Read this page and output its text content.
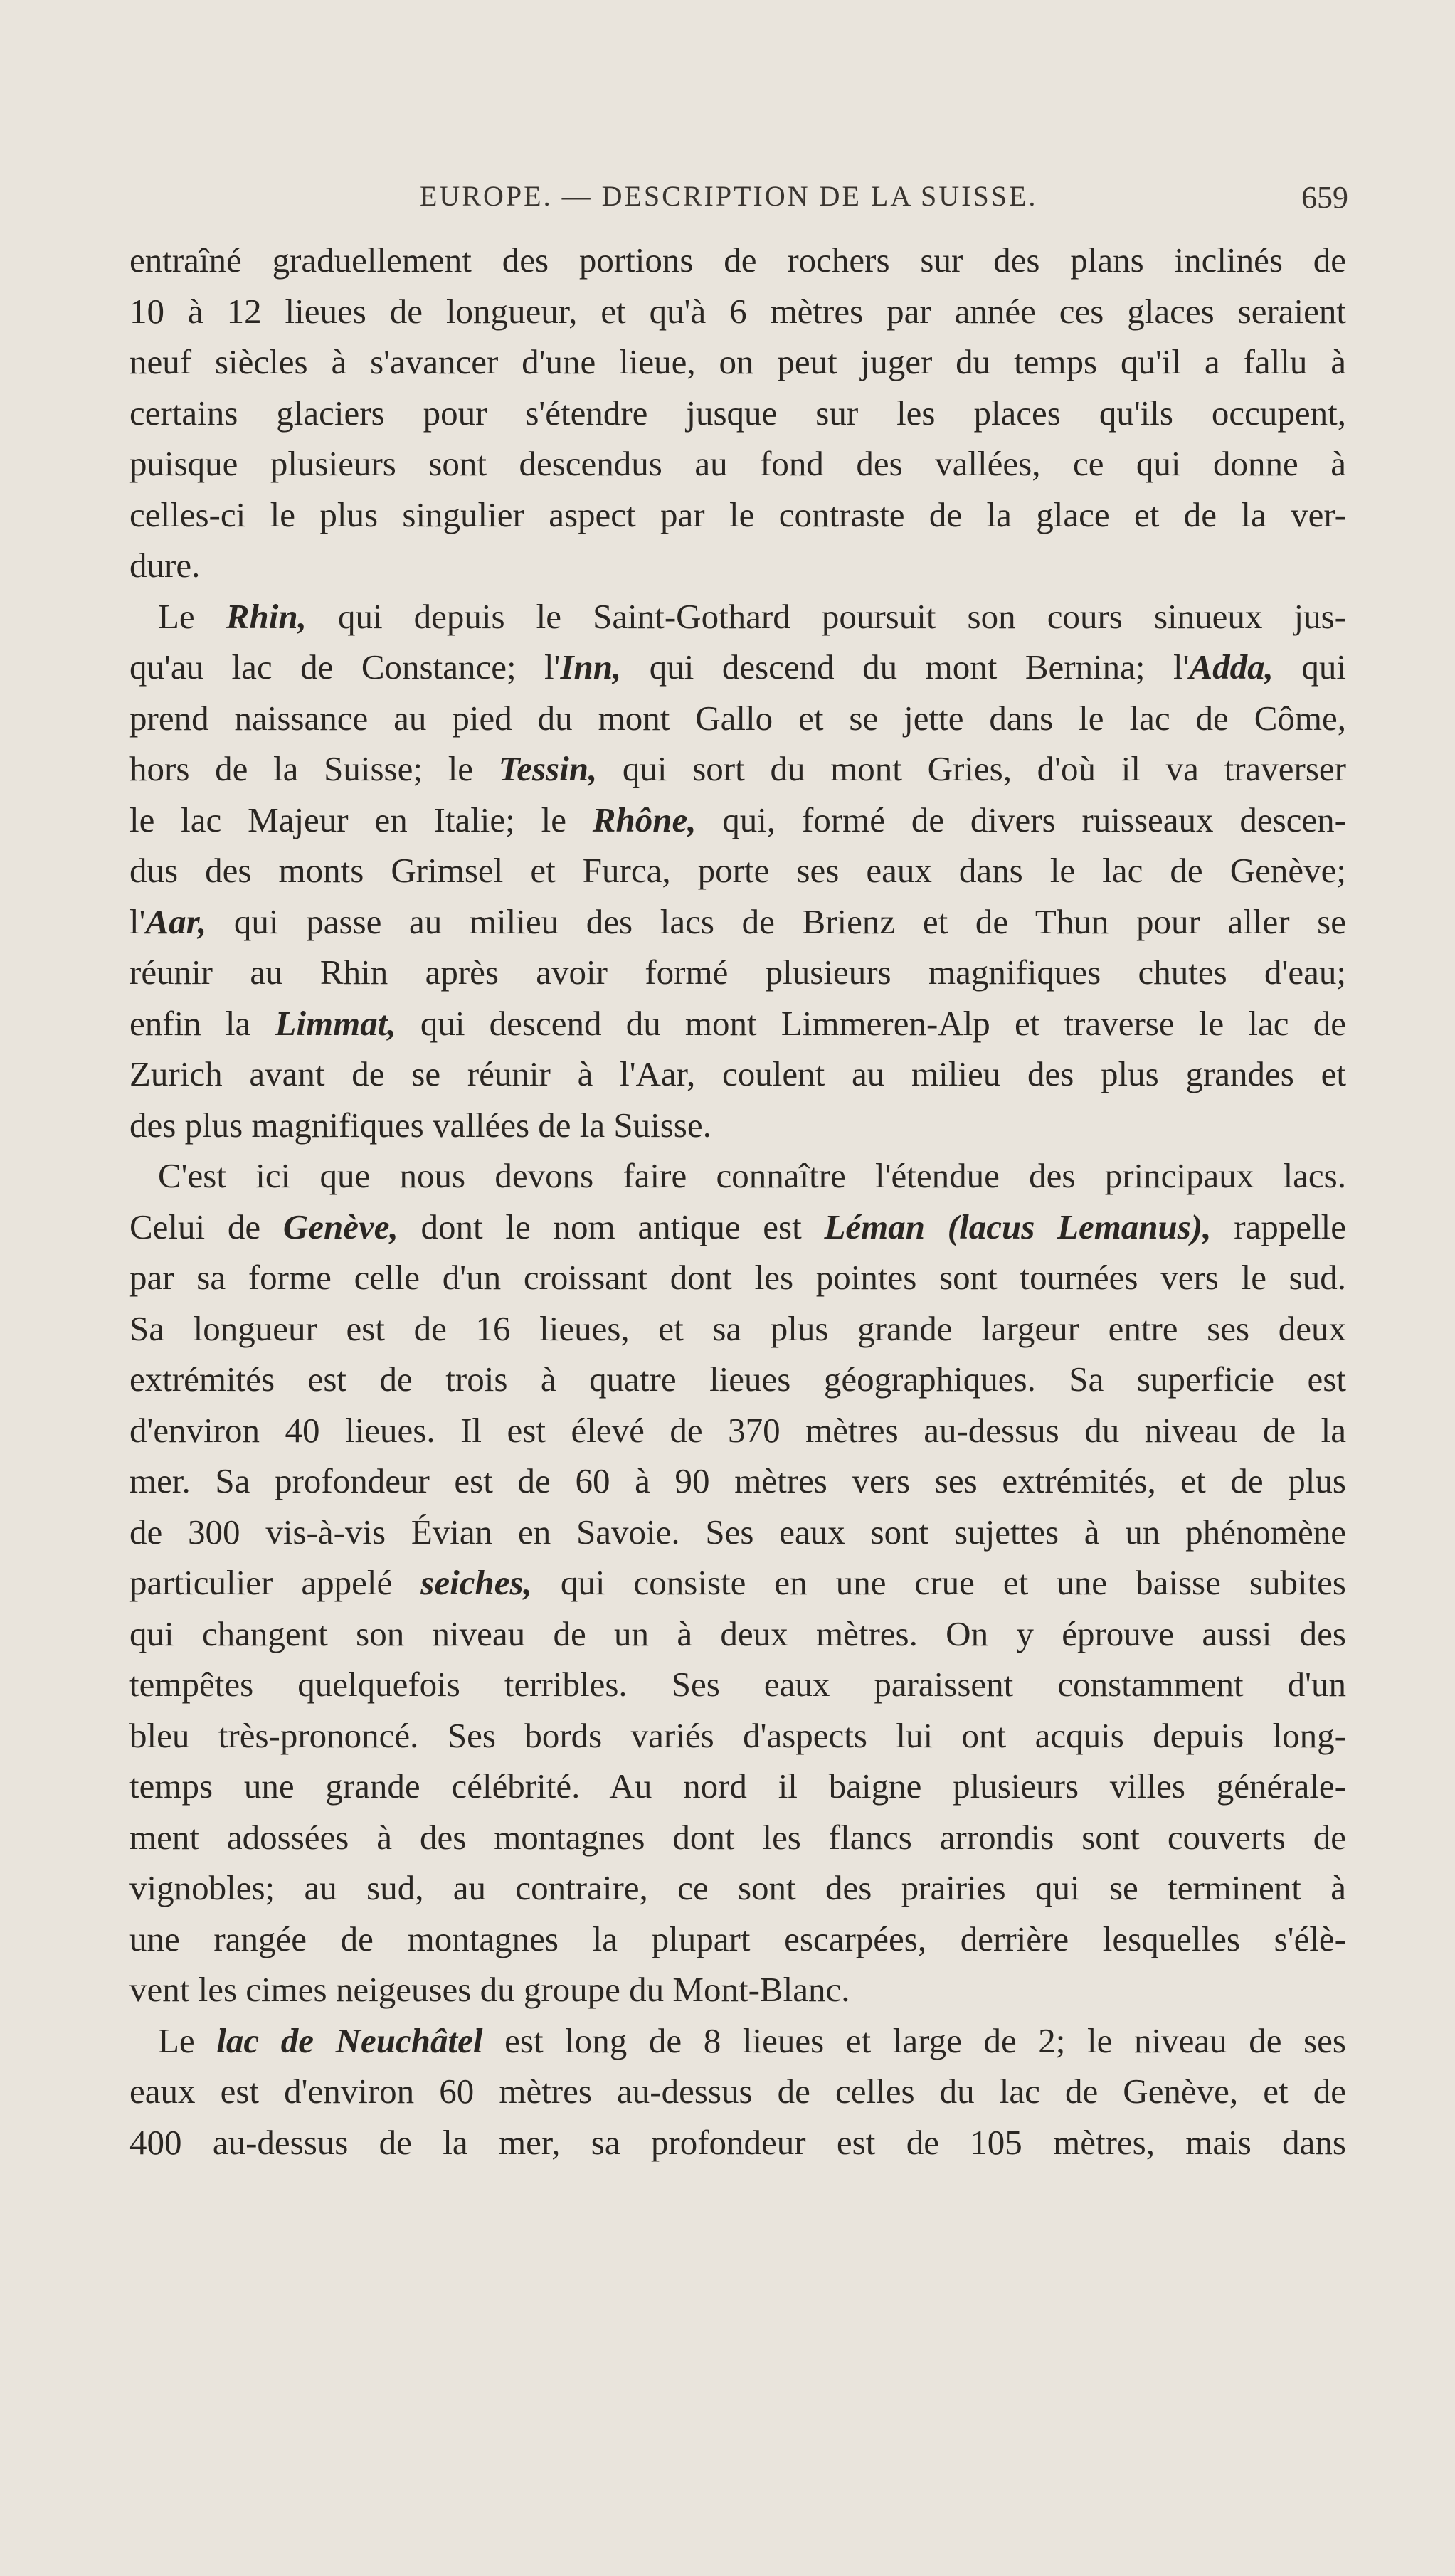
EUROPE. — DESCRIPTION DE LA SUISSE.	659
entraîné graduellement des portions de rochers sur des plans inclinés de
10 à 12 lieues de longueur, et qu'à 6 mètres par année ces glaces seraient
neuf siècles à s'avancer d'une lieue, on peut juger du temps qu'il a fallu à
certains glaciers pour s'étendre jusque sur les places qu'ils occupent,
puisque plusieurs sont descendus au fond des vallées, ce qui donne à
celles-ci le plus singulier aspect par le contraste de la glace et de la ver-
dure.
Le Rhin, qui depuis le Saint-Gothard poursuit son cours sinueux jus-
qu'au lac de Constance; l'Inn, qui descend du mont Bernina; l'Adda, qui
prend naissance au pied du mont Gallo et se jette dans le lac de Côme,
hors de la Suisse; le Tessin, qui sort du mont Gries, d'où il va traverser
le lac Majeur en Italie; le Rhône, qui, formé de divers ruisseaux descen-
dus des monts Grimsel et Furca, porte ses eaux dans le lac de Genève;
l'Aar, qui passe au milieu des lacs de Brienz et de Thun pour aller se
réunir au Rhin après avoir formé plusieurs magnifiques chutes d'eau;
enfin la Limmat, qui descend du mont Limmeren-Alp et traverse le lac de
Zurich avant de se réunir à l'Aar, coulent au milieu des plus grandes et
des plus magnifiques vallées de la Suisse.
C'est ici que nous devons faire connaître l'étendue des principaux lacs.
Celui de Genève, dont le nom antique est Léman (lacus Lemanus), rappelle
par sa forme celle d'un croissant dont les pointes sont tournées vers le sud.
Sa longueur est de 16 lieues, et sa plus grande largeur entre ses deux
extrémités est de trois à quatre lieues géographiques. Sa superficie est
d'environ 40 lieues. Il est élevé de 370 mètres au-dessus du niveau de la
mer. Sa profondeur est de 60 à 90 mètres vers ses extrémités, et de plus
de 300 vis-à-vis Évian en Savoie. Ses eaux sont sujettes à un phénomène
particulier appelé seiches, qui consiste en une crue et une baisse subites
qui changent son niveau de un à deux mètres. On y éprouve aussi des
tempêtes quelquefois terribles. Ses eaux paraissent constamment d'un
bleu très-prononcé. Ses bords variés d'aspects lui ont acquis depuis long-
temps une grande célébrité. Au nord il baigne plusieurs villes générale-
ment adossées à des montagnes dont les flancs arrondis sont couverts de
vignobles; au sud, au contraire, ce sont des prairies qui se terminent à
une rangée de montagnes la plupart escarpées, derrière lesquelles s'élè-
vent les cimes neigeuses du groupe du Mont-Blanc.
Le lac de Neuchâtel est long de 8 lieues et large de 2; le niveau de ses
eaux est d'environ 60 mètres au-dessus de celles du lac de Genève, et de
400 au-dessus de la mer, sa profondeur est de 105 mètres, mais dans
